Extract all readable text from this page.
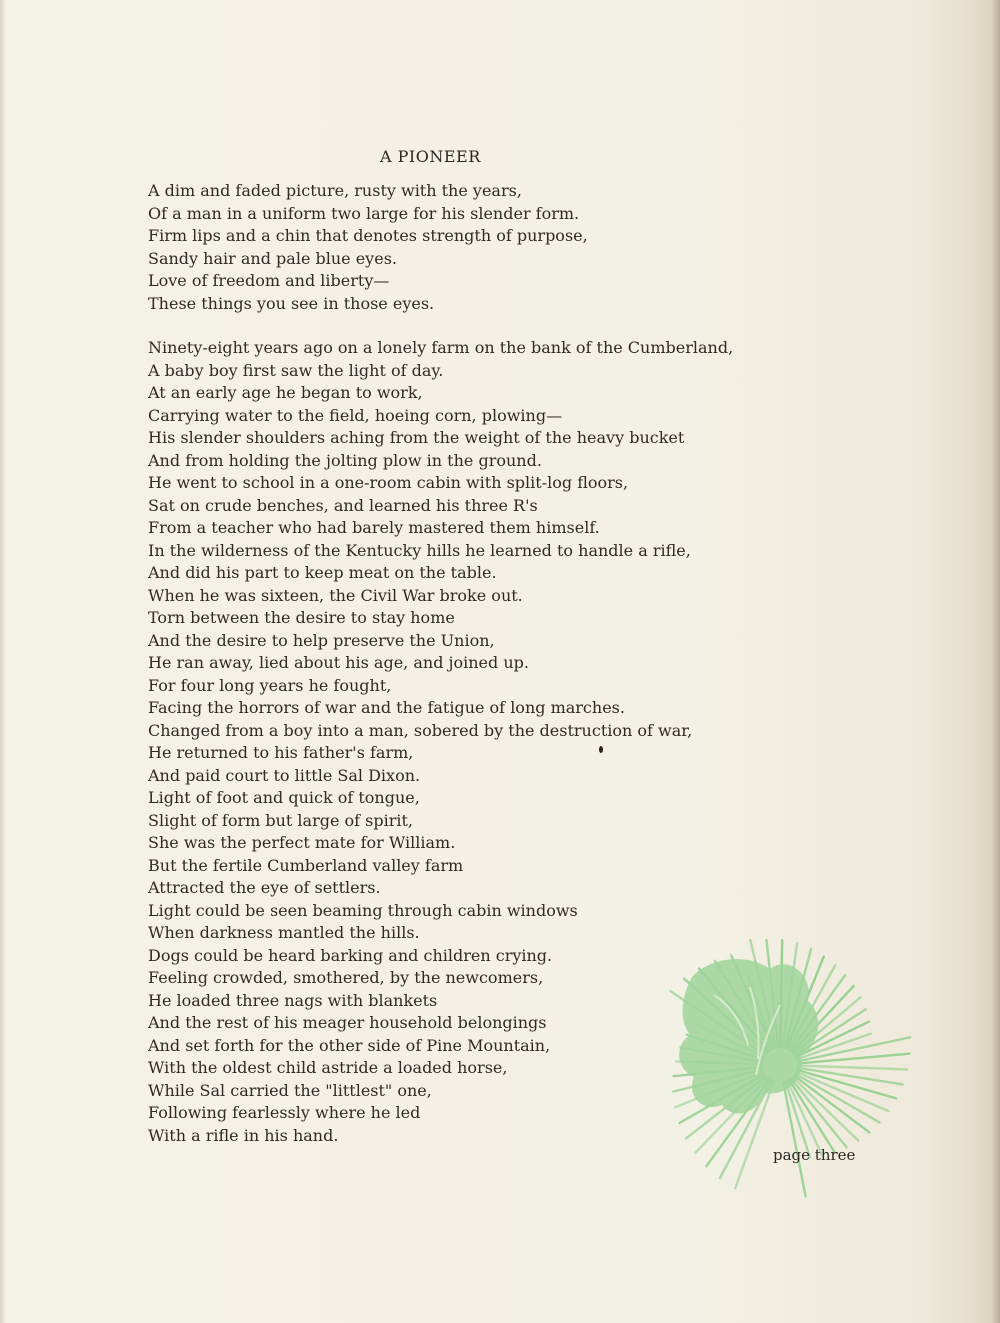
A PIONEER
A dim and faded picture, rusty with the years,
Of a man in a uniform two large for his slender form.
Firm lips and a chin that denotes strength of purpose,
Sandy hair and pale blue eyes.
Love of freedom and liberty—
These things you see in those eyes.
Ninety-eight years ago on a lonely farm on the bank of the Cumberland,
A baby boy first saw the light of day.
At an early age he began to work,
Carrying water to the field, hoeing corn, plowing—
His slender shoulders aching from the weight of the heavy bucket
And from holding the jolting plow in the ground.
He went to school in a one-room cabin with split-log floors,
Sat on crude benches, and learned his three R's
From a teacher who had barely mastered them himself.
In the wilderness of the Kentucky hills he learned to handle a rifle,
And did his part to keep meat on the table.
When he was sixteen, the Civil War broke out.
Torn between the desire to stay home
And the desire to help preserve the Union,
He ran away, lied about his age, and joined up.
For four long years he fought,
Facing the horrors of war and the fatigue of long marches.
Changed from a boy into a man, sobered by the destruction of war,
He returned to his father's farm,
And paid court to little Sal Dixon.
Light of foot and quick of tongue,
Slight of form but large of spirit,
She was the perfect mate for William.
But the fertile Cumberland valley farm
Attracted the eye of settlers.
Light could be seen beaming through cabin windows
When darkness mantled the hills.
Dogs could be heard barking and children crying.
Feeling crowded, smothered, by the newcomers,
He loaded three nags with blankets
And the rest of his meager household belongings
And set forth for the other side of Pine Mountain,
With the oldest child astride a loaded horse,
While Sal carried the "littlest" one,
Following fearlessly where he led
With a rifle in his hand.
page three
